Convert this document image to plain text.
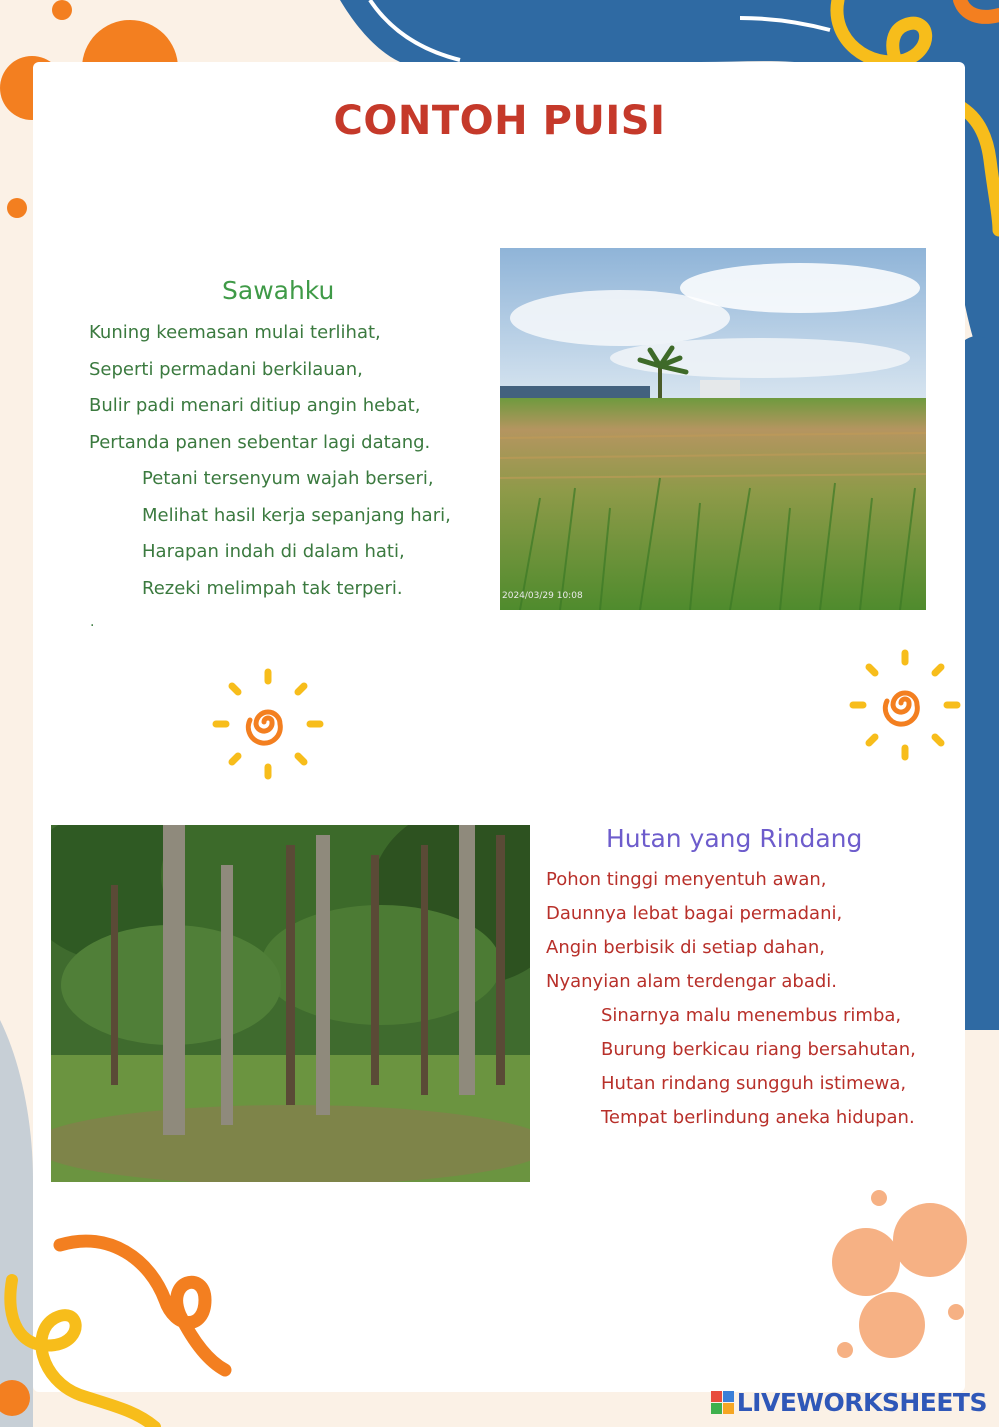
CONTOH PUISI
Sawahku
Kuning keemasan mulai terlihat,
Seperti permadani berkilauan,
Bulir padi menari ditiup angin hebat,
Pertanda panen sebentar lagi datang.
Petani tersenyum wajah berseri,
Melihat hasil kerja sepanjang hari,
Harapan indah di dalam hati,
Rezeki melimpah tak terperi.
.
2024/03/29 10:08
Hutan yang Rindang
Pohon tinggi menyentuh awan,
Daunnya lebat bagai permadani,
Angin berbisik di setiap dahan,
Nyanyian alam terdengar abadi.
Sinarnya malu menembus rimba,
Burung berkicau riang bersahutan,
Hutan rindang sungguh istimewa,
Tempat berlindung aneka hidupan.
LIVEWORKSHEETS
